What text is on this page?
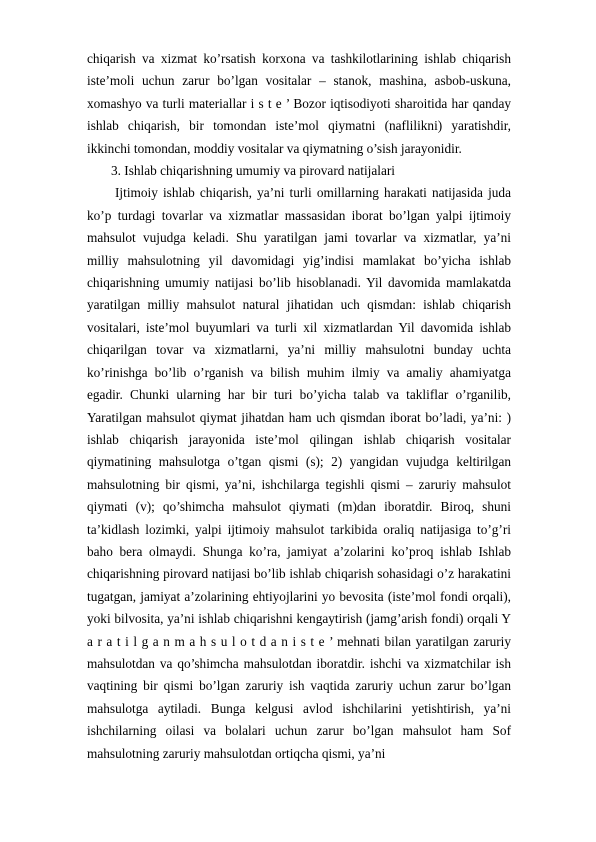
chiqarish va xizmat ko’rsatish korxona va tashkilotlarining ishlab chiqarish iste’moli uchun zarur bo’lgan vositalar – stanok, mashina, asbob-uskuna, xomashyo va turli materiallar i s t e ’ Bozor iqtisodiyoti sharoitida har qanday ishlab chiqarish, bir tomondan iste’mol qiymatni (naflilikni) yaratishdir, ikkinchi tomondan, moddiy vositalar va qiymatning o’sish jarayonidir.

3. Ishlab chiqarishning umumiy va pirovard natijalari

Ijtimoiy ishlab chiqarish, ya’ni turli omillarning harakati natijasida juda ko’p turdagi tovarlar va xizmatlar massasidan iborat bo’lgan yalpi ijtimoiy mahsulot vujudga keladi. Shu yaratilgan jami tovarlar va xizmatlar, ya’ni milliy mahsulotning yil davomidagi yig’indisi mamlakat bo’yicha ishlab chiqarishning umumiy natijasi bo’lib hisoblanadi. Yil davomida mamlakatda yaratilgan milliy mahsulot natural jihatidan uch qismdan: ishlab chiqarish vositalari, iste’mol buyumlari va turli xil xizmatlardan Yil davomida ishlab chiqarilgan tovar va xizmatlarni, ya’ni milliy mahsulotni bunday uchta ko’rinishga bo’lib o’rganish va bilish muhim ilmiy va amaliy ahamiyatga egadir. Chunki ularning har bir turi bo’yicha talab va takliflar o’rganilib, Yaratilgan mahsulot qiymat jihatdan ham uch qismdan iborat bo’ladi, ya’ni: ) ishlab chiqarish jarayonida iste’mol qilingan ishlab chiqarish vositalar qiymatining mahsulotga o’tgan qismi (s); 2) yangidan vujudga keltirilgan mahsulotning bir qismi, ya’ni, ishchilarga tegishli qismi – zaruriy mahsulot qiymati (v); qo’shimcha mahsulot qiymati (m)dan iboratdir. Biroq, shuni ta’kidlash lozimki, yalpi ijtimoiy mahsulot tarkibida oraliq natijasiga to’g’ri baho bera olmaydi. Shunga ko’ra, jamiyat a’zolarini ko’proq ishlab Ishlab chiqarishning pirovard natijasi bo’lib ishlab chiqarish sohasidagi o’z harakatini tugatgan, jamiyat a’zolarining ehtiyojlarini yo bevosita (iste’mol fondi orqali), yoki bilvosita, ya’ni ishlab chiqarishni kengaytirish (jamg’arish fondi) orqali Y a r a t i l g a n m a h s u l o t d a n i s t e ’ mehnati bilan yaratilgan zaruriy mahsulotdan va qo’shimcha mahsulotdan iboratdir. ishchi va xizmatchilar ish vaqtining bir qismi bo’lgan zaruriy ish vaqtida zaruriy uchun zarur bo’lgan mahsulotga aytiladi. Bunga kelgusi avlod ishchilarini yetishtirish, ya’ni ishchilarning oilasi va bolalari uchun zarur bo’lgan mahsulot ham Sof mahsulotning zaruriy mahsulotdan ortiqcha qismi, ya’ni
